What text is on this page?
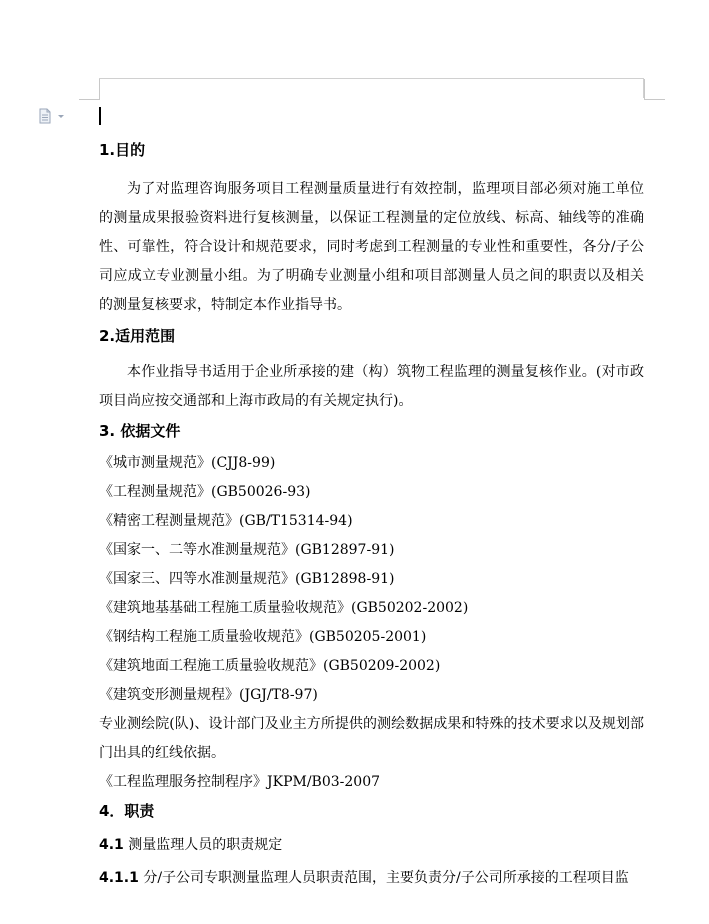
1.目的

为了对监理咨询服务项目工程测量质量进行有效控制，监理项目部必须对施工单位的测量成果报验资料进行复核测量，以保证工程测量的定位放线、标高、轴线等的准确性、可靠性，符合设计和规范要求，同时考虑到工程测量的专业性和重要性，各分/子公司应成立专业测量小组。为了明确专业测量小组和项目部测量人员之间的职责以及相关的测量复核要求，特制定本作业指导书。

2.适用范围

本作业指导书适用于企业所承接的建（构）筑物工程监理的测量复核作业。(对市政项目尚应按交通部和上海市政局的有关规定执行)。

3. 依据文件

《城市测量规范》(CJJ8-99)

《工程测量规范》(GB50026-93)

《精密工程测量规范》(GB/T15314-94)

《国家一、二等水准测量规范》(GB12897-91)

《国家三、四等水准测量规范》(GB12898-91)

《建筑地基基础工程施工质量验收规范》(GB50202-2002)

《钢结构工程施工质量验收规范》(GB50205-2001)

《建筑地面工程施工质量验收规范》(GB50209-2002)

《建筑变形测量规程》(JGJ/T8-97)

专业测绘院(队)、设计部门及业主方所提供的测绘数据成果和特殊的技术要求以及规划部门出具的红线依据。

《工程监理服务控制程序》JKPM/B03-2007

4．职责

4.1 测量监理人员的职责规定

4.1.1 分/子公司专职测量监理人员职责范围，主要负责分/子公司所承接的工程项目监
